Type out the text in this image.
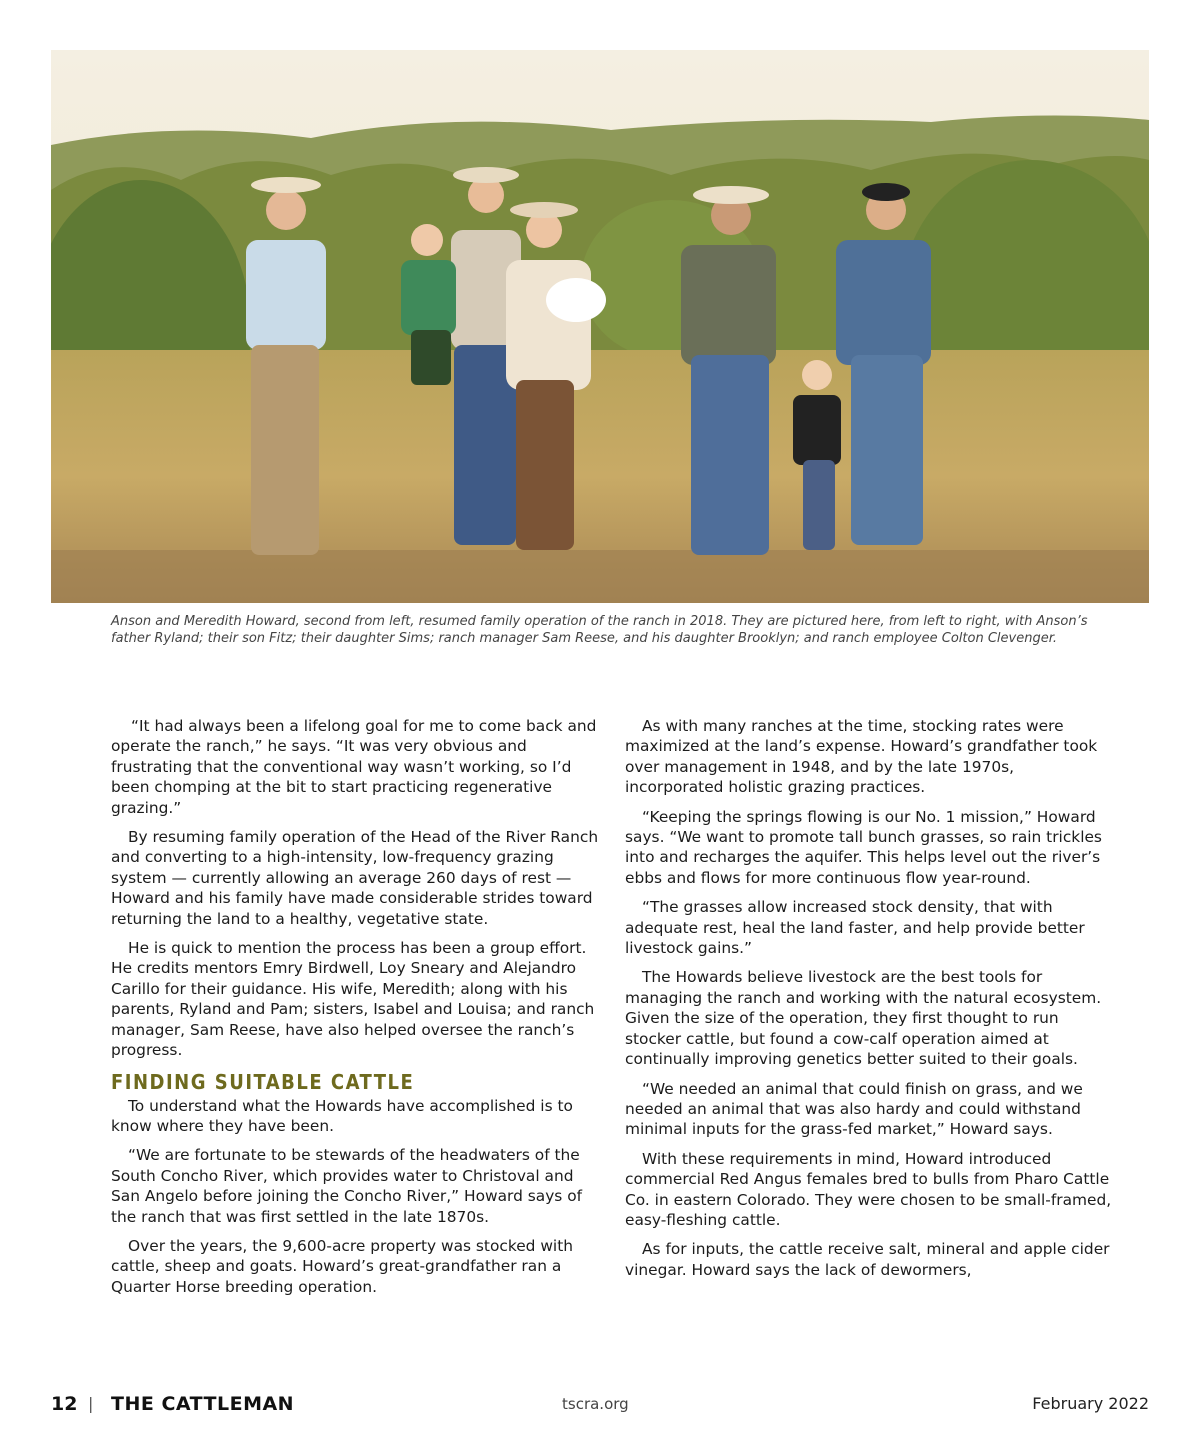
Anson and Meredith Howard, second from left, resumed family operation of the ranch in 2018. They are pictured here, from left to right, with Anson’s father Ryland; their son Fitz; their daughter Sims; ranch manager Sam Reese, and his daughter Brooklyn; and ranch employee Colton Clevenger.

“It had always been a lifelong goal for me to come back and operate the ranch,” he says. “It was very obvious and frustrating that the conventional way wasn’t working, so I’d been chomping at the bit to start practicing regenerative grazing.”

By resuming family operation of the Head of the River Ranch and converting to a high-intensity, low-frequency grazing system — currently allowing an average 260 days of rest — Howard and his family have made considerable strides toward returning the land to a healthy, vegetative state.

He is quick to mention the process has been a group effort. He credits mentors Emry Birdwell, Loy Sneary and Alejandro Carillo for their guidance. His wife, Meredith; along with his parents, Ryland and Pam; sisters, Isabel and Louisa; and ranch manager, Sam Reese, have also helped oversee the ranch’s progress.

FINDING SUITABLE CATTLE

To understand what the Howards have accomplished is to know where they have been.

“We are fortunate to be stewards of the headwaters of the South Concho River, which provides water to Christoval and San Angelo before joining the Concho River,” Howard says of the ranch that was first settled in the late 1870s.

Over the years, the 9,600-acre property was stocked with cattle, sheep and goats. Howard’s great-grandfather ran a Quarter Horse breeding operation.

As with many ranches at the time, stocking rates were maximized at the land’s expense. Howard’s grandfather took over management in 1948, and by the late 1970s, incorporated holistic grazing practices.

“Keeping the springs flowing is our No. 1 mission,” Howard says. “We want to promote tall bunch grasses, so rain trickles into and recharges the aquifer. This helps level out the river’s ebbs and flows for more continuous flow year-round.

“The grasses allow increased stock density, that with adequate rest, heal the land faster, and help provide better livestock gains.”

The Howards believe livestock are the best tools for managing the ranch and working with the natural ecosystem. Given the size of the operation, they first thought to run stocker cattle, but found a cow-calf operation aimed at continually improving genetics better suited to their goals.

“We needed an animal that could finish on grass, and we needed an animal that was also hardy and could withstand minimal inputs for the grass-fed market,” Howard says.

With these requirements in mind, Howard introduced commercial Red Angus females bred to bulls from Pharo Cattle Co. in eastern Colorado. They were chosen to be small-framed, easy-fleshing cattle.

As for inputs, the cattle receive salt, mineral and apple cider vinegar. Howard says the lack of dewormers,

12 | THE CATTLEMAN	tscra.org	February 2022
